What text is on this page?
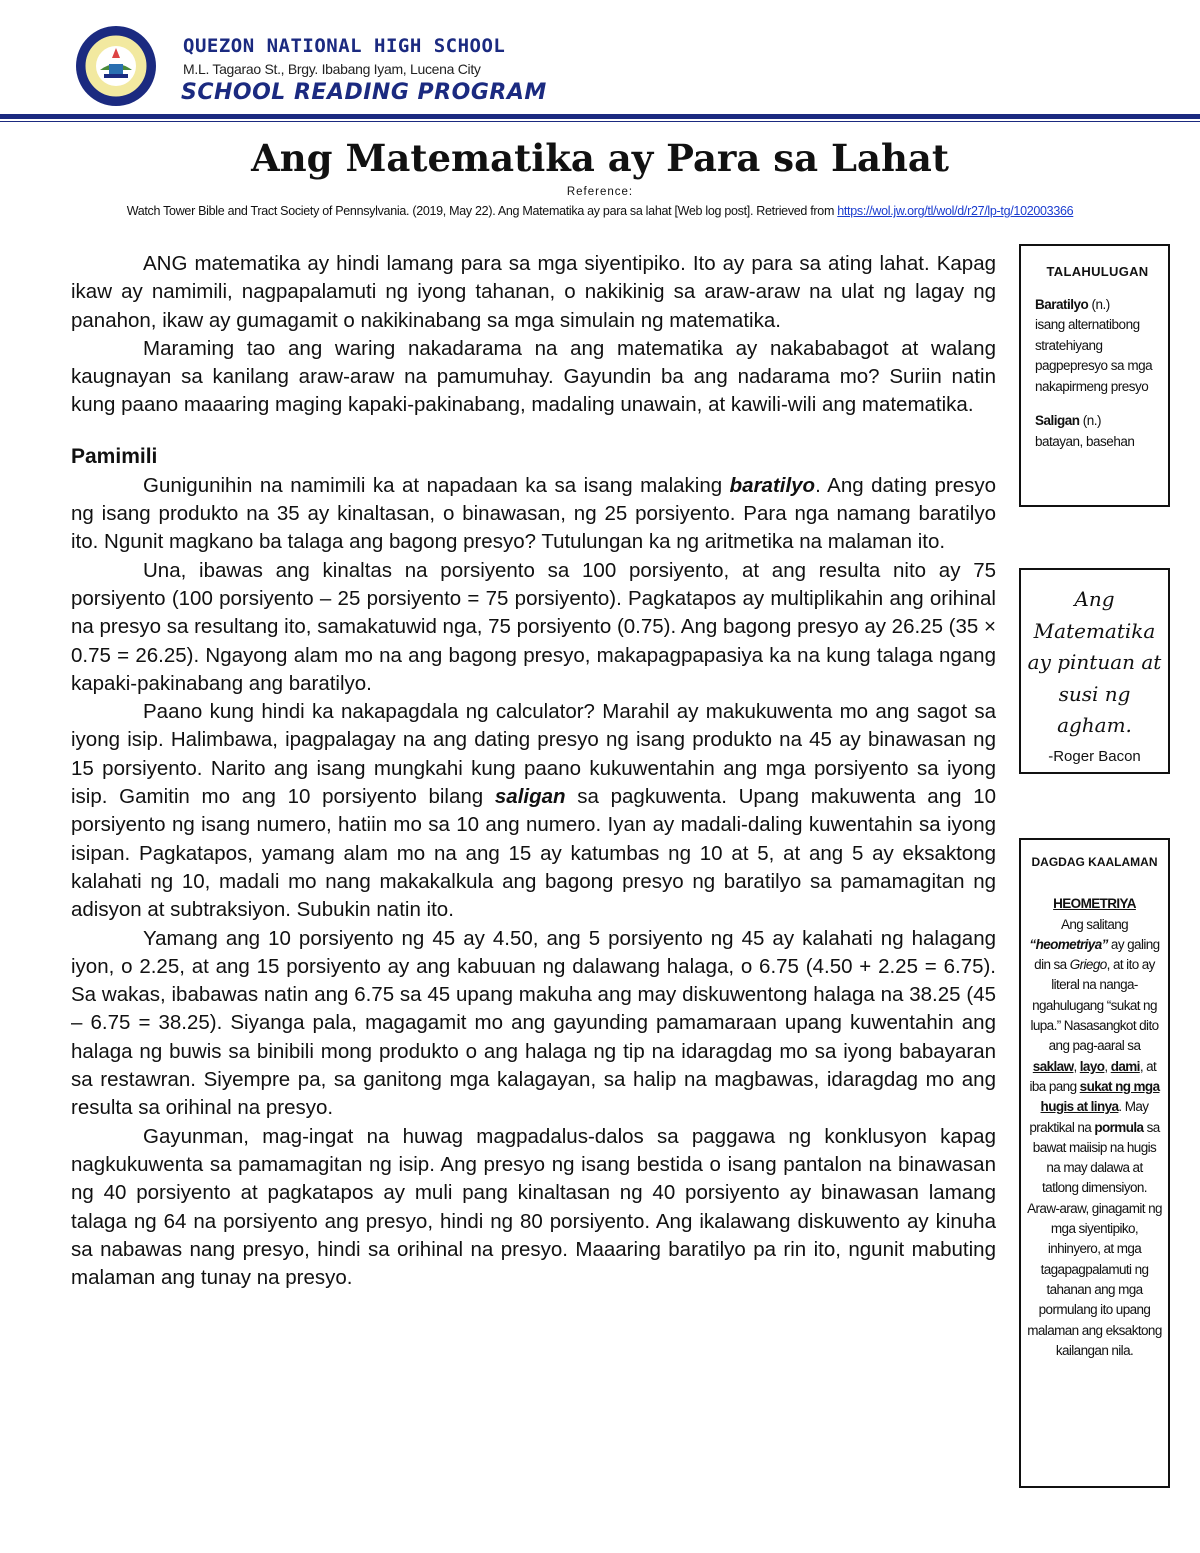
QUEZON NATIONAL HIGH SCHOOL
M.L. Tagarao St., Brgy. Ibabang Iyam, Lucena City
SCHOOL READING PROGRAM
Ang Matematika ay Para sa Lahat
Reference:
Watch Tower Bible and Tract Society of Pennsylvania. (2019, May 22). Ang Matematika ay para sa lahat [Web log post]. Retrieved from https://wol.jw.org/tl/wol/d/r27/lp-tg/102003366

ANG matematika ay hindi lamang para sa mga siyentipiko. Ito ay para sa ating lahat. Kapag ikaw ay namimili, nagpapalamuti ng iyong tahanan, o nakikinig sa araw-araw na ulat ng lagay ng panahon, ikaw ay gumagamit o nakikinabang sa mga simulain ng matematika.

Maraming tao ang waring nakadarama na ang matematika ay nakababagot at walang kaugnayan sa kanilang araw-araw na pamumuhay. Gayundin ba ang nadarama mo? Suriin natin kung paano maaaring maging kapaki-pakinabang, madaling unawain, at kawili-wili ang matematika.

Pamimili

Gunigunihin na namimili ka at napadaan ka sa isang malaking baratilyo. Ang dating presyo ng isang produkto na 35 ay kinaltasan, o binawasan, ng 25 porsiyento. Para nga namang baratilyo ito. Ngunit magkano ba talaga ang bagong presyo? Tutulungan ka ng aritmetika na malaman ito.

Una, ibawas ang kinaltas na porsiyento sa 100 porsiyento, at ang resulta nito ay 75 porsiyento (100 porsiyento – 25 porsiyento = 75 porsiyento). Pagkatapos ay multiplikahin ang orihinal na presyo sa resultang ito, samakatuwid nga, 75 porsiyento (0.75). Ang bagong presyo ay 26.25 (35 × 0.75 = 26.25). Ngayong alam mo na ang bagong presyo, makapagpapasiya ka na kung talaga ngang kapaki-pakinabang ang baratilyo.

Paano kung hindi ka nakapagdala ng calculator? Marahil ay makukuwenta mo ang sagot sa iyong isip. Halimbawa, ipagpalagay na ang dating presyo ng isang produkto na 45 ay binawasan ng 15 porsiyento. Narito ang isang mungkahi kung paano kukuwentahin ang mga porsiyento sa iyong isip. Gamitin mo ang 10 porsiyento bilang saligan sa pagkuwenta. Upang makuwenta ang 10 porsiyento ng isang numero, hatiin mo sa 10 ang numero. Iyan ay madali-daling kuwentahin sa iyong isipan. Pagkatapos, yamang alam mo na ang 15 ay katumbas ng 10 at 5, at ang 5 ay eksaktong kalahati ng 10, madali mo nang makakalkula ang bagong presyo ng baratilyo sa pamamagitan ng adisyon at subtraksiyon. Subukin natin ito.

Yamang ang 10 porsiyento ng 45 ay 4.50, ang 5 porsiyento ng 45 ay kalahati ng halagang iyon, o 2.25, at ang 15 porsiyento ay ang kabuuan ng dalawang halaga, o 6.75 (4.50 + 2.25 = 6.75). Sa wakas, ibabawas natin ang 6.75 sa 45 upang makuha ang may diskuwentong halaga na 38.25 (45 – 6.75 = 38.25). Siyanga pala, magagamit mo ang gayunding pamamaraan upang kuwentahin ang halaga ng buwis sa binibili mong produkto o ang halaga ng tip na idaragdag mo sa iyong babayaran sa restawran. Siyempre pa, sa ganitong mga kalagayan, sa halip na magbawas, idaragdag mo ang resulta sa orihinal na presyo.

Gayunman, mag-ingat na huwag magpadalus-dalos sa paggawa ng konklusyon kapag nagkukuwenta sa pamamagitan ng isip. Ang presyo ng isang bestida o isang pantalon na binawasan ng 40 porsiyento at pagkatapos ay muli pang kinaltasan ng 40 porsiyento ay binawasan lamang talaga ng 64 na porsiyento ang presyo, hindi ng 80 porsiyento. Ang ikalawang diskuwento ay kinuha sa nabawas nang presyo, hindi sa orihinal na presyo. Maaaring baratilyo pa rin ito, ngunit mabuting malaman ang tunay na presyo.

TALAHULUGAN
Baratilyo (n.)
isang alternatibong stratehiyang pagpepresyo sa mga nakapirmeng presyo
Saligan (n.)
batayan, basehan
Ang Matematika ay pintuan at susi ng agham.
-Roger Bacon
DAGDAG KAALAMAN
HEOMETRIYA
Ang salitang “heometriya” ay galing din sa Griego, at ito ay literal na nanga-ngahulugang “sukat ng lupa.” Nasasangkot dito ang pag-aaral sa saklaw, layo, dami, at iba pang sukat ng mga hugis at linya. May praktikal na pormula sa bawat maiisip na hugis na may dalawa at tatlong dimensiyon. Araw-araw, ginagamit ng mga siyentipiko, inhinyero, at mga tagapagpalamuti ng tahanan ang mga pormulang ito upang malaman ang eksaktong kailangan nila.
